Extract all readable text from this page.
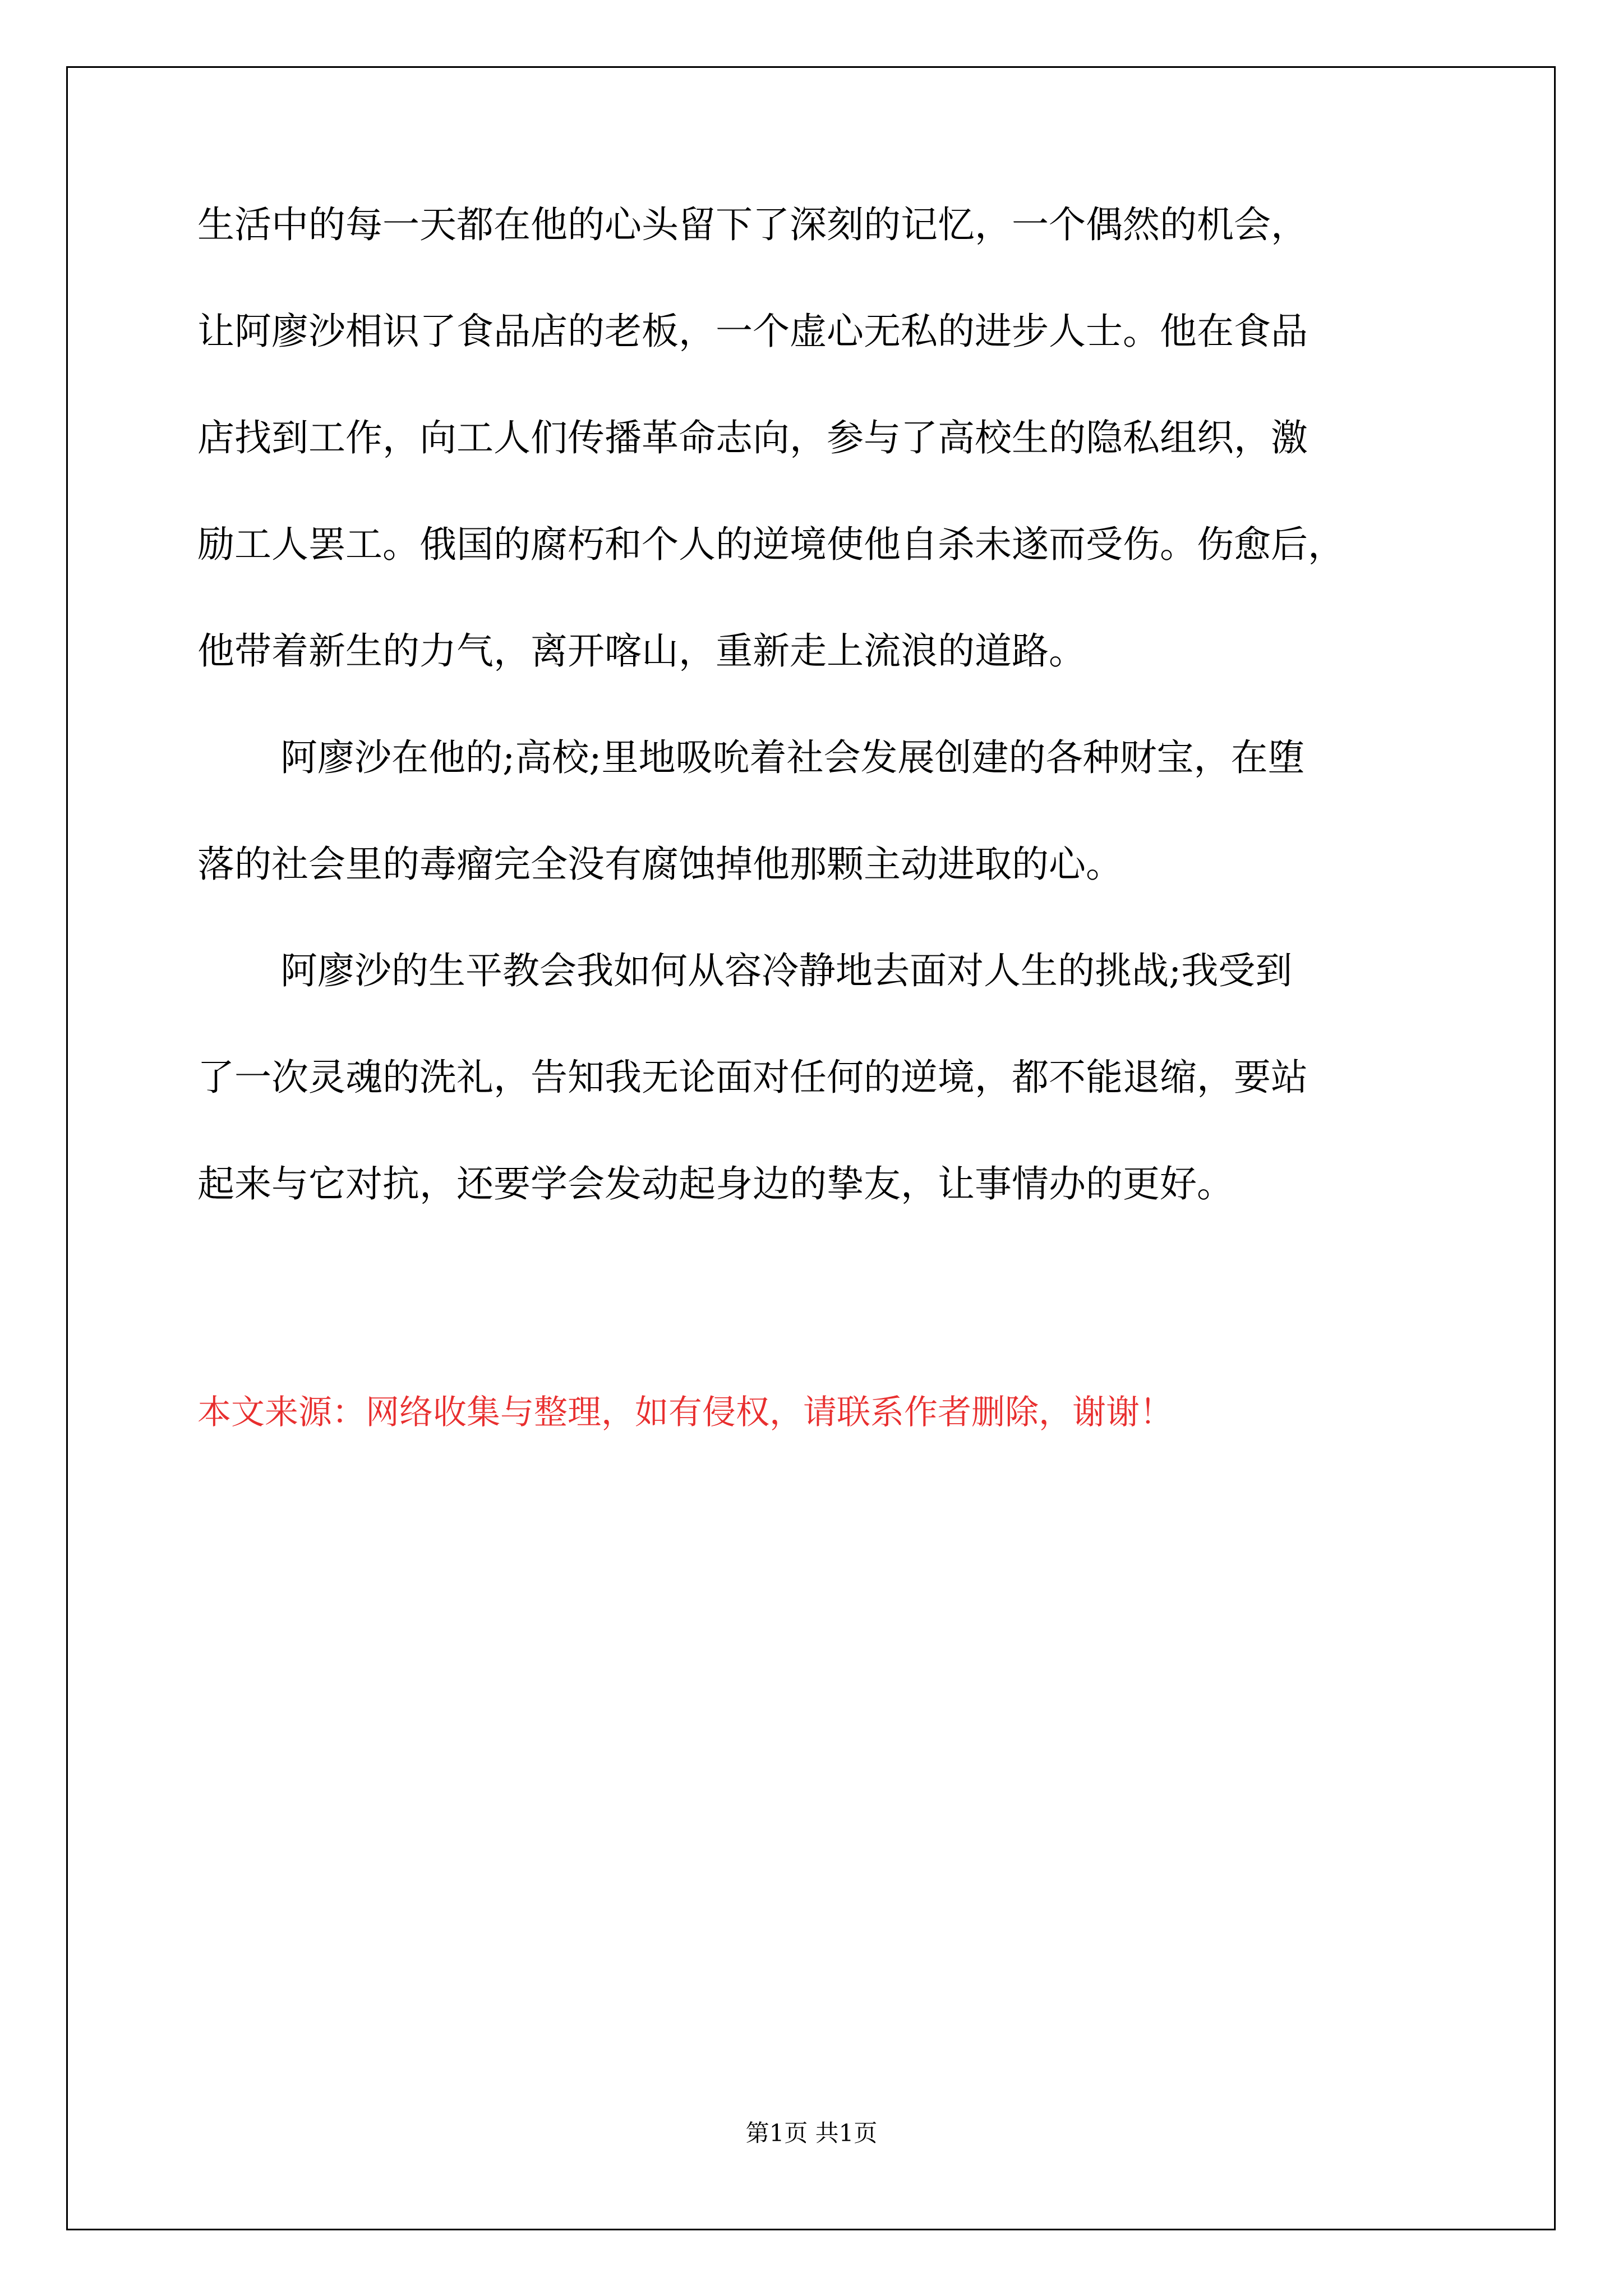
生活中的每一天都在他的心头留下了深刻的记忆，一个偶然的机会，
让阿廖沙相识了食品店的老板，一个虚心无私的进步人士。他在食品
店找到工作，向工人们传播革命志向，参与了高校生的隐私组织，激
励工人罢工。俄国的腐朽和个人的逆境使他自杀未遂而受伤。伤愈后，
他带着新生的力气，离开喀山，重新走上流浪的道路。
阿廖沙在他的;高校;里地吸吮着社会发展创建的各种财宝，在堕
落的社会里的毒瘤完全没有腐蚀掉他那颗主动进取的心。
阿廖沙的生平教会我如何从容冷静地去面对人生的挑战;我受到
了一次灵魂的洗礼，告知我无论面对任何的逆境，都不能退缩，要站
起来与它对抗，还要学会发动起身边的挚友，让事情办的更好。
本文来源：网络收集与整理，如有侵权，请联系作者删除，谢谢！
第1页 共1页
